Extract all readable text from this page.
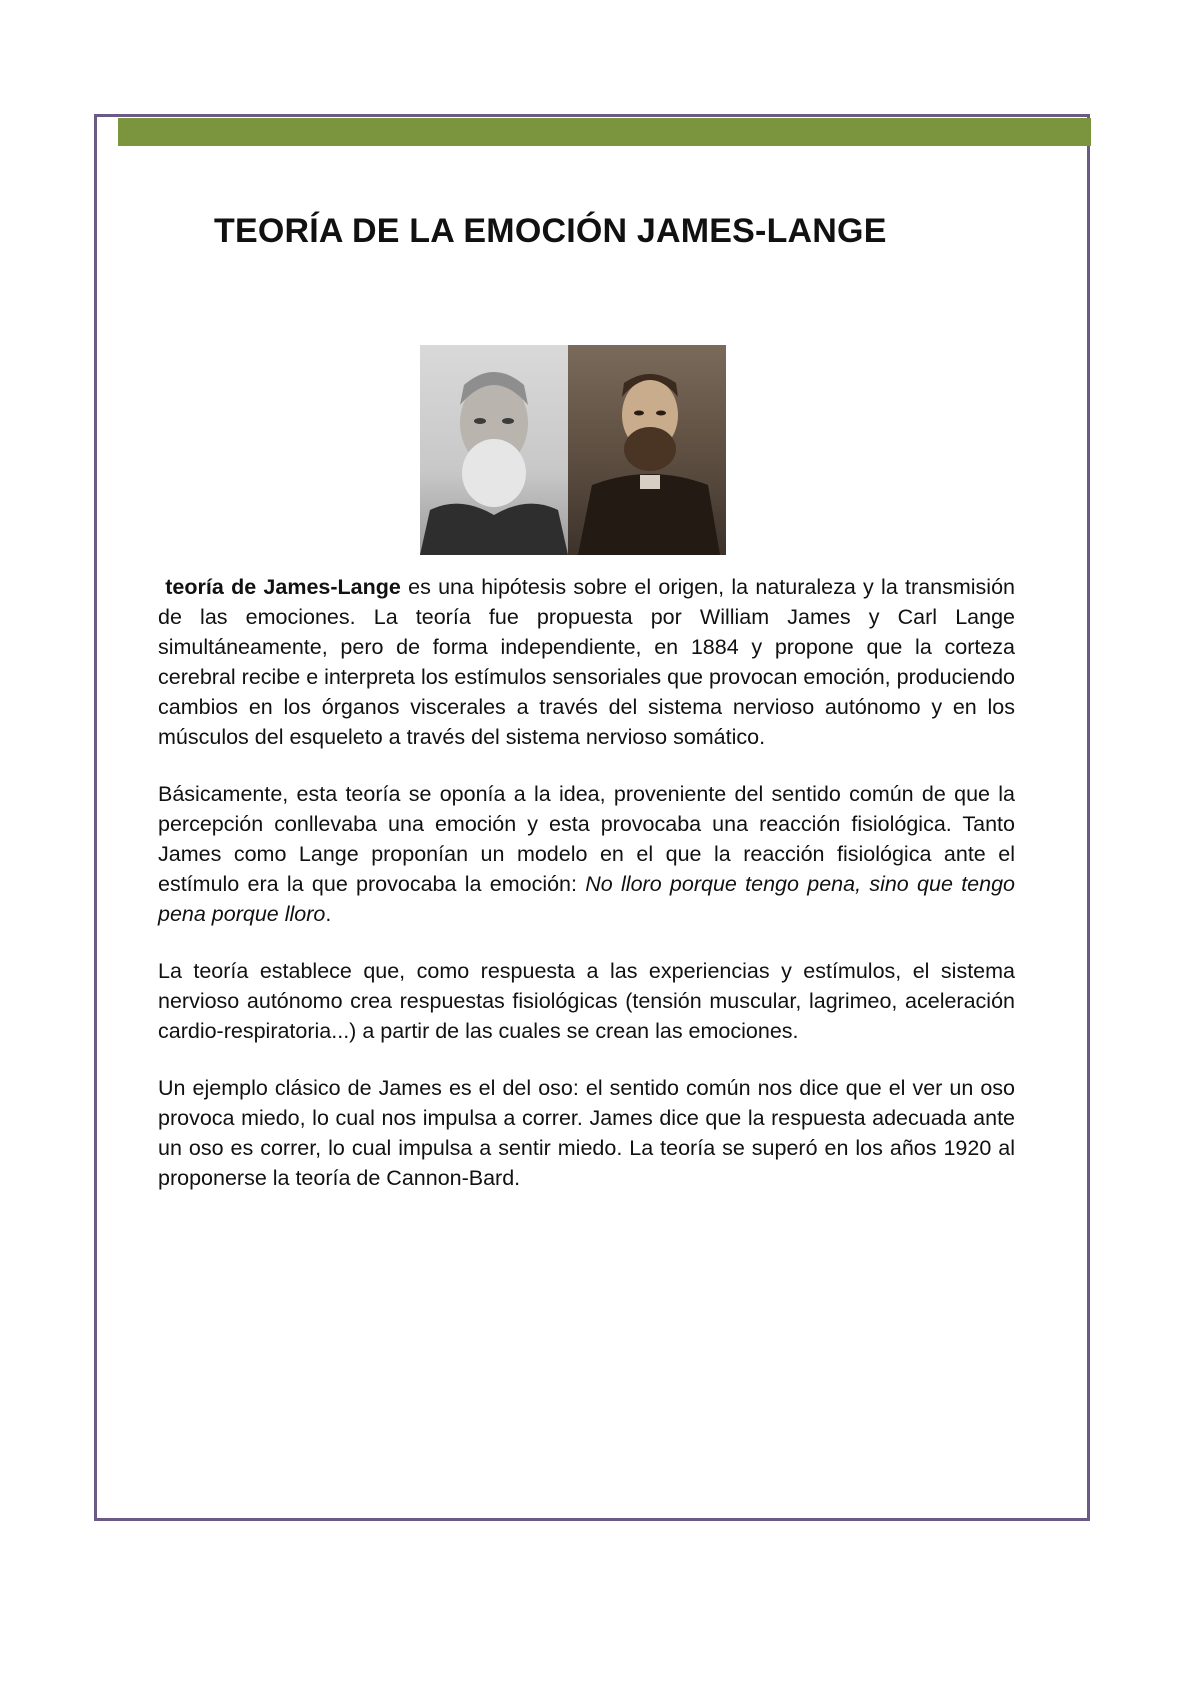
TEORÍA DE LA EMOCIÓN JAMES-LANGE

teoría de James-Lange es una hipótesis sobre el origen, la naturaleza y la transmisión de las emociones. La teoría fue propuesta por William James y Carl Lange simultáneamente, pero de forma independiente, en 1884 y propone que la corteza cerebral recibe e interpreta los estímulos sensoriales que provocan emoción, produciendo cambios en los órganos viscerales a través del sistema nervioso autónomo y en los músculos del esqueleto a través del sistema nervioso somático.

Básicamente, esta teoría se oponía a la idea, proveniente del sentido común de que la percepción conllevaba una emoción y esta provocaba una reacción fisiológica. Tanto James como Lange proponían un modelo en el que la reacción fisiológica ante el estímulo era la que provocaba la emoción: No lloro porque tengo pena, sino que tengo pena porque lloro.

La teoría establece que, como respuesta a las experiencias y estímulos, el sistema nervioso autónomo crea respuestas fisiológicas (tensión muscular, lagrimeo, aceleración cardio-respiratoria...) a partir de las cuales se crean las emociones.

Un ejemplo clásico de James es el del oso: el sentido común nos dice que el ver un oso provoca miedo, lo cual nos impulsa a correr. James dice que la respuesta adecuada ante un oso es correr, lo cual impulsa a sentir miedo. La teoría se superó en los años 1920 al proponerse la teoría de Cannon-Bard.
